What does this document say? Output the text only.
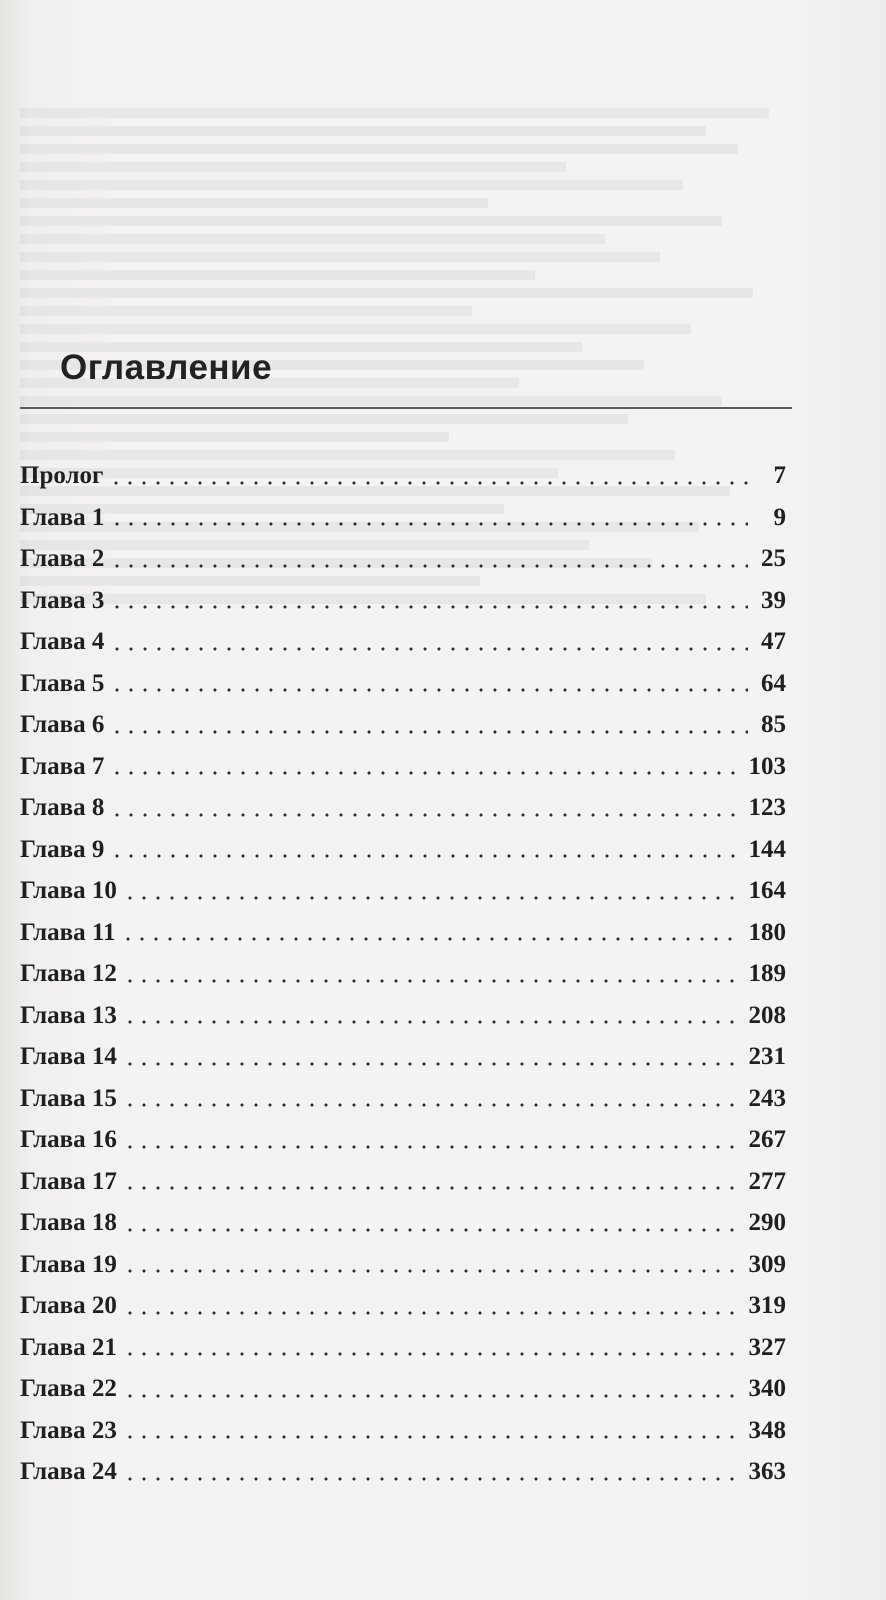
Оглавление
Пролог	7
Глава 1	9
Глава 2	25
Глава 3	39
Глава 4	47
Глава 5	64
Глава 6	85
Глава 7	103
Глава 8	123
Глава 9	144
Глава 10	164
Глава 11	180
Глава 12	189
Глава 13	208
Глава 14	231
Глава 15	243
Глава 16	267
Глава 17	277
Глава 18	290
Глава 19	309
Глава 20	319
Глава 21	327
Глава 22	340
Глава 23	348
Глава 24	363
